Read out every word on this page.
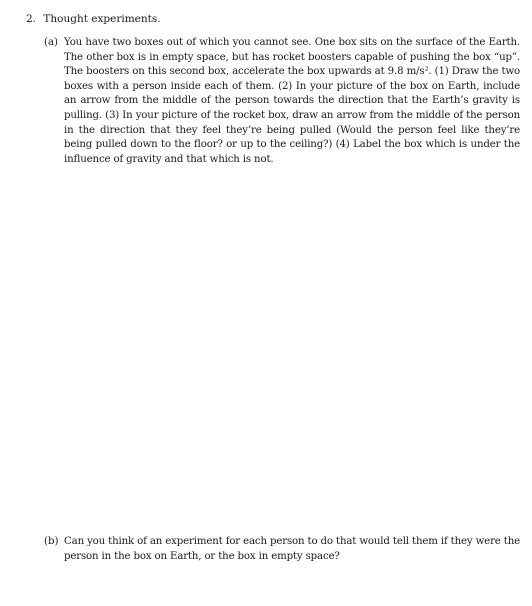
2. Thought experiments.
(a) You have two boxes out of which you cannot see. One box sits on the surface of the Earth. The other box is in empty space, but has rocket boosters capable of pushing the box “up”. The boosters on this second box, accelerate the box upwards at 9.8 m/s². (1) Draw the two boxes with a person inside each of them. (2) In your picture of the box on Earth, include an arrow from the middle of the person towards the direction that the Earth’s gravity is pulling. (3) In your picture of the rocket box, draw an arrow from the middle of the person in the direction that they feel they’re being pulled (Would the person feel like they’re being pulled down to the floor? or up to the ceiling?) (4) Label the box which is under the influence of gravity and that which is not.
(b) Can you think of an experiment for each person to do that would tell them if they were the person in the box on Earth, or the box in empty space?
